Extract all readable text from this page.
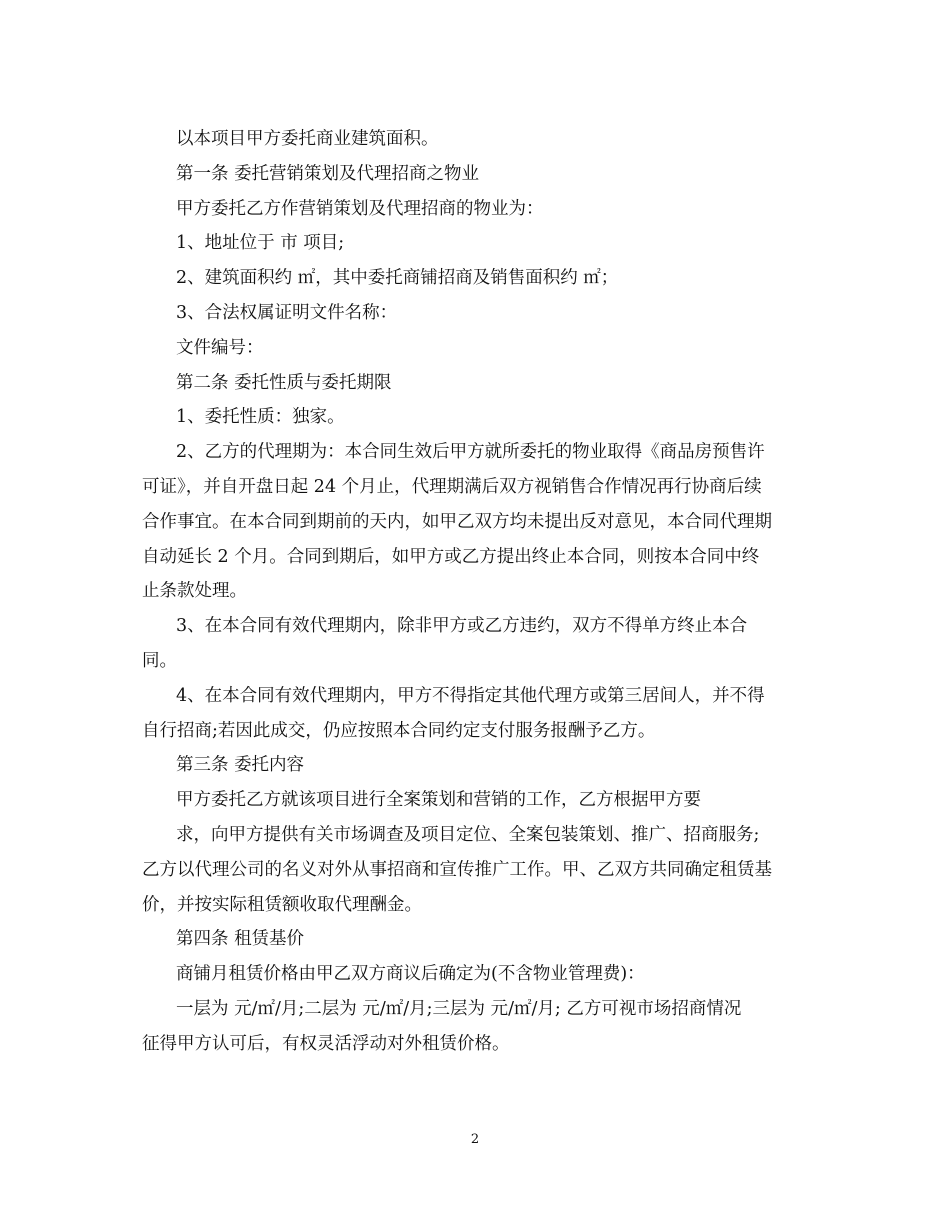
以本项目甲方委托商业建筑面积。
第一条 委托营销策划及代理招商之物业
甲方委托乙方作营销策划及代理招商的物业为：
1、地址位于 市 项目;
2、建筑面积约 ㎡，其中委托商铺招商及销售面积约 ㎡；
3、合法权属证明文件名称：
文件编号：
第二条 委托性质与委托期限
1、委托性质：独家。
2、乙方的代理期为：本合同生效后甲方就所委托的物业取得《商品房预售许
可证》，并自开盘日起 24 个月止，代理期满后双方视销售合作情况再行协商后续
合作事宜。在本合同到期前的天内，如甲乙双方均未提出反对意见，本合同代理期
自动延长 2 个月。合同到期后，如甲方或乙方提出终止本合同，则按本合同中终
止条款处理。
3、在本合同有效代理期内，除非甲方或乙方违约，双方不得单方终止本合
同。
4、在本合同有效代理期内，甲方不得指定其他代理方或第三居间人，并不得
自行招商;若因此成交，仍应按照本合同约定支付服务报酬予乙方。
第三条 委托内容
甲方委托乙方就该项目进行全案策划和营销的工作，乙方根据甲方要
求，向甲方提供有关市场调查及项目定位、全案包装策划、推广、招商服务;
乙方以代理公司的名义对外从事招商和宣传推广工作。甲、乙双方共同确定租赁基
价，并按实际租赁额收取代理酬金。
第四条 租赁基价
商铺月租赁价格由甲乙双方商议后确定为(不含物业管理费)：
一层为 元/㎡/月;二层为 元/㎡/月;三层为 元/㎡/月; 乙方可视市场招商情况
征得甲方认可后，有权灵活浮动对外租赁价格。
2
